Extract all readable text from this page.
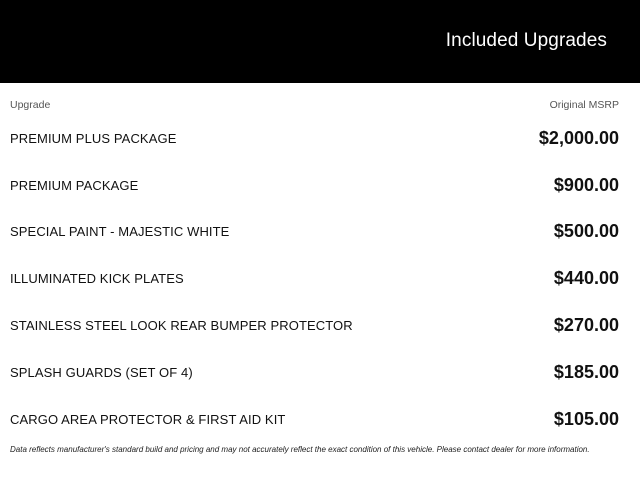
Included Upgrades
Upgrade	Original MSRP
PREMIUM PLUS PACKAGE	$2,000.00
PREMIUM PACKAGE	$900.00
SPECIAL PAINT - MAJESTIC WHITE	$500.00
ILLUMINATED KICK PLATES	$440.00
STAINLESS STEEL LOOK REAR BUMPER PROTECTOR	$270.00
SPLASH GUARDS (SET OF 4)	$185.00
CARGO AREA PROTECTOR & FIRST AID KIT	$105.00
Data reflects manufacturer's standard build and pricing and may not accurately reflect the exact condition of this vehicle. Please contact dealer for more information.
